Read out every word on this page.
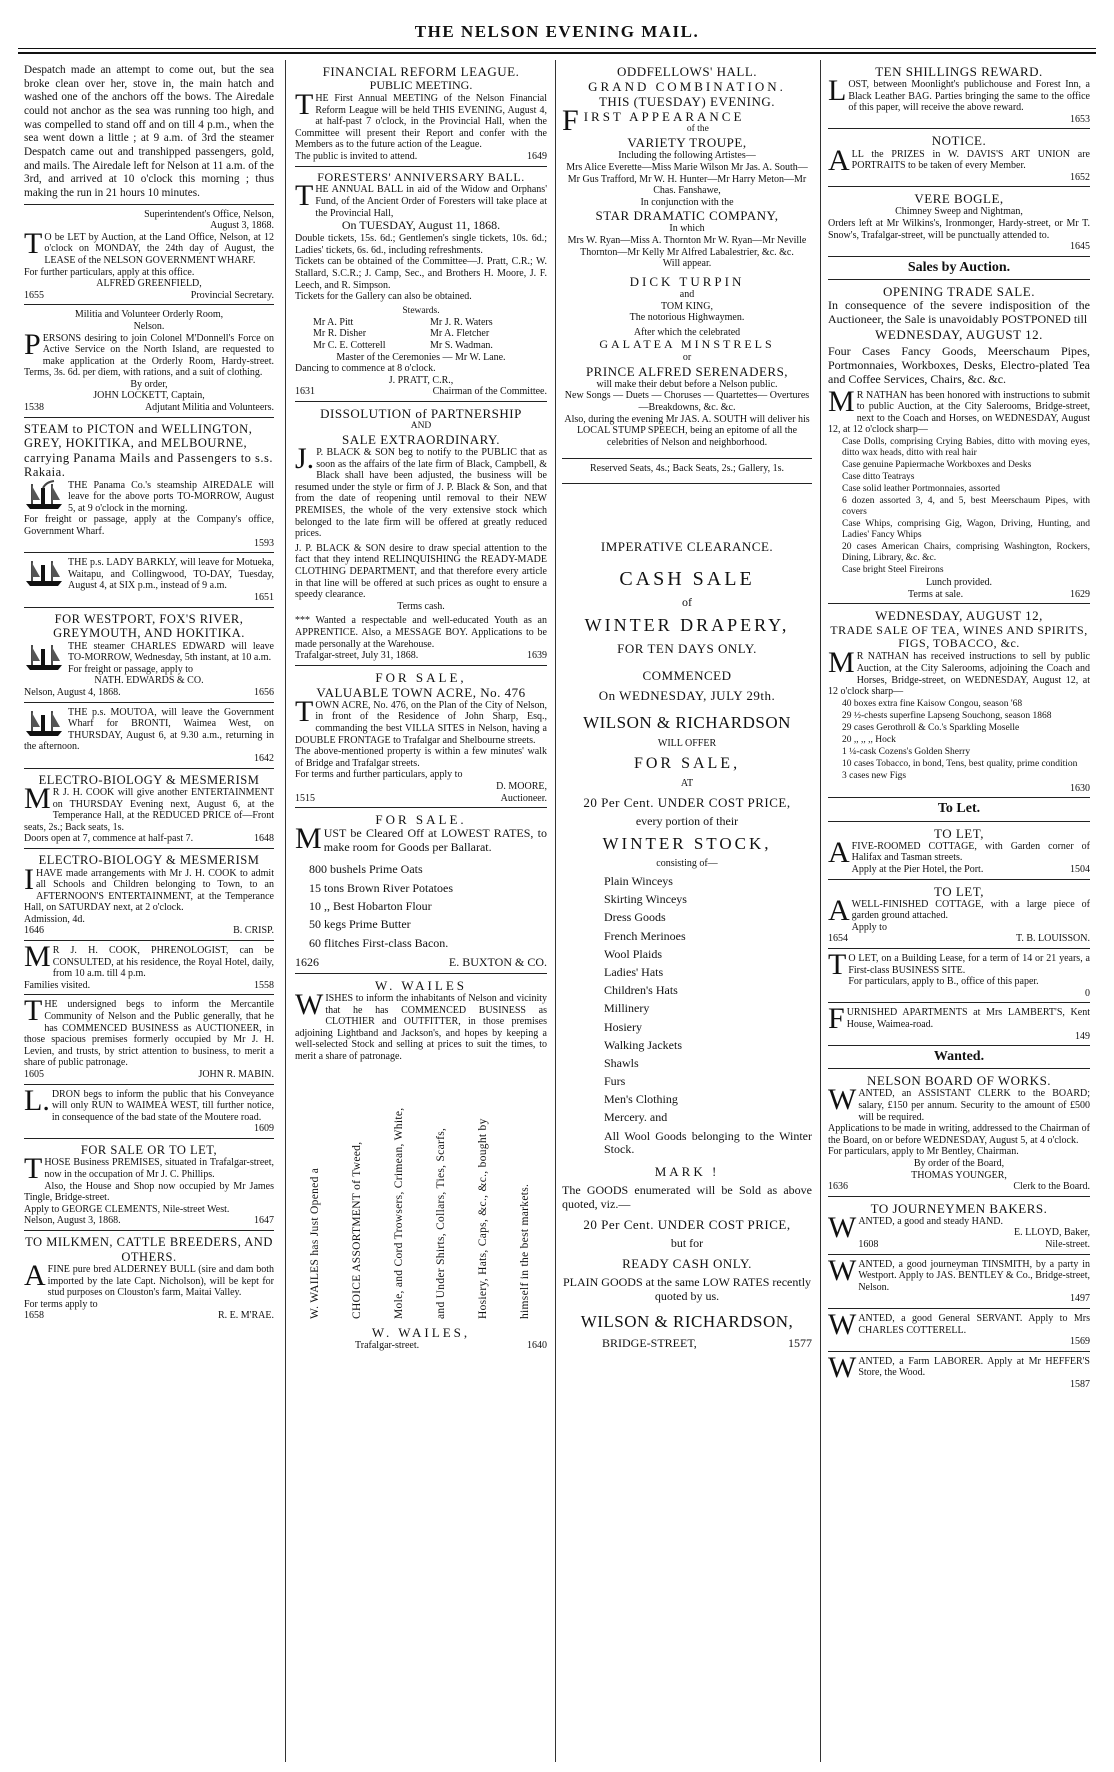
THE NELSON EVENING MAIL.
Despatch made an attempt to come out, but the sea broke clean over her, stove in, the main hatch and washed one of the anchors off the bows. The Airedale could not anchor as the sea was running too high, and was compelled to stand off and on till 4 p.m., when the sea went down a little ; at 9 a.m. of 3rd the steamer Despatch came out and transhipped passengers, gold, and mails. The Airedale left for Nelson at 11 a.m. of the 3rd, and arrived at 10 o'clock this morning ; thus making the run in 21 hours 10 minutes.
Superintendent's Office, Nelson,
August 3, 1868.
TO be LET by Auction, at the Land Office, Nelson, at 12 o'clock on MONDAY, the 24th day of August, the LEASE of the NELSON GOVERNMENT WHARF.
For further particulars, apply at this office.
ALFRED GREENFIELD,
1655	Provincial Secretary.
Militia and Volunteer Orderly Room,
Nelson.
PERSONS desiring to join Colonel M'Donnell's Force on Active Service on the North Island, are requested to make application at the Orderly Room, Hardy-street. Terms, 3s. 6d. per diem, with rations, and a suit of clothing.
By order,
JOHN LOCKETT, Captain,
1538	Adjutant Militia and Volunteers.
STEAM to PICTON and WELLINGTON, GREY, HOKITIKA, and MELBOURNE, carrying Panama Mails and Passengers to s.s. Rakaia.
THE Panama Co.'s steamship AIREDALE will leave for the above ports TO-MORROW, August 5, at 9 o'clock in the morning.
For freight or passage, apply at the Company's office, Government Wharf.
1593
THE p.s. LADY BARKLY, will leave for Motueka, Waitapu, and Collingwood, TO-DAY, Tuesday, August 4, at SIX p.m., instead of 9 a.m.
1651
FOR WESTPORT, FOX'S RIVER, GREYMOUTH, AND HOKITIKA.
THE steamer CHARLES EDWARD will leave TO-MORROW, Wednesday, 5th instant, at 10 a.m.
For freight or passage, apply to
NATH. EDWARDS & CO.
Nelson, August 4, 1868.	1656
THE p.s. MOUTOA, will leave the Government Wharf for BRONTI, Waimea West, on THURSDAY, August 6, at 9.30 a.m., returning in the afternoon.
1642
ELECTRO-BIOLOGY & MESMERISM
MR J. H. COOK will give another ENTERTAINMENT on THURSDAY Evening next, August 6, at the Temperance Hall, at the REDUCED PRICE of—Front seats, 2s.; Back seats, 1s.
Doors open at 7, commence at half-past 7.	1648
ELECTRO-BIOLOGY & MESMERISM
IHAVE made arrangements with Mr J. H. COOK to admit all Schools and Children belonging to Town, to an AFTERNOON'S ENTERTAINMENT, at the Temperance Hall, on SATURDAY next, at 2 o'clock.
Admission, 4d.
1646	B. CRISP.
MR J. H. COOK, PHRENOLOGIST, can be CONSULTED, at his residence, the Royal Hotel, daily, from 10 a.m. till 4 p.m.
Families visited.	1558
THE undersigned begs to inform the Mercantile Community of Nelson and the Public generally, that he has COMMENCED BUSINESS as AUCTIONEER, in those spacious premises formerly occupied by Mr J. H. Levien, and trusts, by strict attention to business, to merit a share of public patronage.
1605	JOHN R. MABIN.
L.DRON begs to inform the public that his Conveyance will only RUN to WAIMEA WEST, till further notice, in consequence of the bad state of the Moutere road.
1609
FOR SALE OR TO LET,
THOSE Business PREMISES, situated in Trafalgar-street, now in the occupation of Mr J. C. Phillips.
Also, the House and Shop now occupied by Mr James Tingle, Bridge-street.
Apply to GEORGE CLEMENTS, Nile-street West.
Nelson, August 3, 1868.	1647
TO MILKMEN, CATTLE BREEDERS, AND OTHERS.
AFINE pure bred ALDERNEY BULL (sire and dam both imported by the late Capt. Nicholson), will be kept for stud purposes on Clouston's farm, Maitai Valley.
For terms apply to
1658	R. E. M'RAE.
FINANCIAL REFORM LEAGUE.
PUBLIC MEETING.
THE First Annual MEETING of the Nelson Financial Reform League will be held THIS EVENING, August 4, at half-past 7 o'clock, in the Provincial Hall, when the Committee will present their Report and confer with the Members as to the future action of the League.
The public is invited to attend.	1649
FORESTERS' ANNIVERSARY BALL.
THE ANNUAL BALL in aid of the Widow and Orphans' Fund, of the Ancient Order of Foresters will take place at the Provincial Hall,
On TUESDAY, August 11, 1868.
Double tickets, 15s. 6d.; Gentlemen's single tickets, 10s. 6d.; Ladies' tickets, 6s. 6d., including refreshments.
Tickets can be obtained of the Committee—J. Pratt, C.R.; W. Stallard, S.C.R.; J. Camp, Sec., and Brothers H. Moore, J. F. Leech, and R. Simpson.
Tickets for the Gallery can also be obtained.
Stewards.
Mr A. Pitt	Mr J. R. Waters
Mr R. Disher	Mr A. Fletcher
Mr C. E. Cotterell	Mr S. Wadman.
Master of the Ceremonies — Mr W. Lane.
Dancing to commence at 8 o'clock.
J. PRATT, C.R.,
1631	Chairman of the Committee.
DISSOLUTION of PARTNERSHIP
AND
SALE EXTRAORDINARY.
J.P. BLACK & SON beg to notify to the PUBLIC that as soon as the affairs of the late firm of Black, Campbell, & Black shall have been adjusted, the business will be resumed under the style or firm of J. P. Black & Son, and that from the date of reopening until removal to their NEW PREMISES, the whole of the very extensive stock which belonged to the late firm will be offered at greatly reduced prices.
J. P. BLACK & SON desire to draw special attention to the fact that they intend RELINQUISHING the READY-MADE CLOTHING DEPARTMENT, and that therefore every article in that line will be offered at such prices as ought to ensure a speedy clearance.
Terms cash.
*** Wanted a respectable and well-educated Youth as an APPRENTICE. Also, a MESSAGE BOY. Applications to be made personally at the Warehouse.
Trafalgar-street, July 31, 1868.	1639
FOR SALE,
VALUABLE TOWN ACRE, No. 476
TOWN ACRE, No. 476, on the Plan of the City of Nelson, in front of the Residence of John Sharp, Esq., commanding the best VILLA SITES in Nelson, having a DOUBLE FRONTAGE to Trafalgar and Shelbourne streets.
The above-mentioned property is within a few minutes' walk of Bridge and Trafalgar streets.
For terms and further particulars, apply to
D. MOORE,
1515	Auctioneer.
FOR SALE.
MUST be Cleared Off at LOWEST RATES, to make room for Goods per Ballarat.
800 bushels Prime Oats
15 tons Brown River Potatoes
10 ,, Best Hobarton Flour
50 kegs Prime Butter
60 flitches First-class Bacon.
1626	E. BUXTON & CO.
W. WAILES
WISHES to inform the inhabitants of Nelson and vicinity that he has COMMENCED BUSINESS as CLOTHIER and OUTFITTER, in those premises adjoining Lightband and Jackson's, and hopes by keeping a well-selected Stock and selling at prices to suit the times, to merit a share of patronage.
W. WAILES has Just Opened a	CHOICE ASSORTMENT of Tweed,	Mole, and Cord Trowsers, Crimean, White,	and Under Shirts, Collars, Ties, Scarfs,	Hosiery, Hats, Caps, &c., &c., bought by	himself in the best markets.
W. WAILES,
Trafalgar-street.	1640
ODDFELLOWS' HALL.
GRAND COMBINATION.
THIS (TUESDAY) EVENING.
FIRST APPEARANCE
of the
VARIETY TROUPE,
Including the following Artistes—
Mrs Alice Everette—Miss Marie Wilson Mr Jas. A. South—Mr Gus Trafford, Mr W. H. Hunter—Mr Harry Meton—Mr Chas. Fanshawe,
In conjunction with the
STAR DRAMATIC COMPANY,
In which
Mrs W. Ryan—Miss A. Thornton Mr W. Ryan—Mr Neville Thornton—Mr Kelly Mr Alfred Labalestrier, &c. &c.
Will appear.
DICK TURPIN
and
TOM KING,
The notorious Highwaymen.
After which the celebrated
GALATEA MINSTRELS
or
PRINCE ALFRED SERENADERS,
will make their debut before a Nelson public.
New Songs — Duets — Choruses — Quartettes— Overtures—Breakdowns, &c. &c.
Also, during the evening Mr JAS. A. SOUTH will deliver his LOCAL STUMP SPEECH, being an epitome of all the celebrities of Nelson and neighborhood.
Reserved Seats, 4s.; Back Seats, 2s.; Gallery, 1s.
IMPERATIVE CLEARANCE.
CASH SALE
of
WINTER DRAPERY,
FOR TEN DAYS ONLY.
COMMENCED
On WEDNESDAY, JULY 29th.
WILSON & RICHARDSON
WILL OFFER
FOR SALE,
AT
20 Per Cent. UNDER COST PRICE,
every portion of their
WINTER STOCK,
consisting of—
Plain Winceys
Skirting Winceys
Dress Goods
French Merinoes
Wool Plaids
Ladies' Hats
Children's Hats
Millinery
Hosiery
Walking Jackets
Shawls
Furs
Men's Clothing
Mercery. and
All Wool Goods belonging to the Winter Stock.
MARK !
The GOODS enumerated will be Sold as above quoted, viz.—
20 Per Cent. UNDER COST PRICE,
but for
READY CASH ONLY.
PLAIN GOODS at the same LOW RATES recently quoted by us.
WILSON & RICHARDSON,
BRIDGE-STREET,	1577
TEN SHILLINGS REWARD.
LOST, between Moonlight's publichouse and Forest Inn, a Black Leather BAG. Parties bringing the same to the office of this paper, will receive the above reward.
1653
NOTICE.
ALL the PRIZES in W. DAVIS'S ART UNION are PORTRAITS to be taken of every Member.
1652
VERE BOGLE,
Chimney Sweep and Nightman,
Orders left at Mr Wilkins's, Ironmonger, Hardy-street, or Mr T. Snow's, Trafalgar-street, will be punctually attended to.
1645
Sales by Auction.
OPENING TRADE SALE.
In consequence of the severe indisposition of the Auctioneer, the Sale is unavoidably POSTPONED till
WEDNESDAY, AUGUST 12.
Four Cases Fancy Goods, Meerschaum Pipes, Portmonnaies, Workboxes, Desks, Electro-plated Tea and Coffee Services, Chairs, &c. &c.
MR NATHAN has been honored with instructions to submit to public Auction, at the City Salerooms, Bridge-street, next to the Coach and Horses, on WEDNESDAY, August 12, at 12 o'clock sharp—
Case Dolls, comprising Crying Babies, ditto with moving eyes, ditto wax heads, ditto with real hair
Case genuine Papiermache Workboxes and Desks
Case ditto Teatrays
Case solid leather Portmonnaies, assorted
6 dozen assorted 3, 4, and 5, best Meerschaum Pipes, with covers
Case Whips, comprising Gig, Wagon, Driving, Hunting, and Ladies' Fancy Whips
20 cases American Chairs, comprising Washington, Rockers, Dining, Library, &c. &c.
Case bright Steel Fireirons
Lunch provided.
Terms at sale.	1629
WEDNESDAY, AUGUST 12,
TRADE SALE OF TEA, WINES AND SPIRITS, FIGS, TOBACCO, &c.
MR NATHAN has received instructions to sell by public Auction, at the City Salerooms, adjoining the Coach and Horses, Bridge-street, on WEDNESDAY, August 12, at 12 o'clock sharp—
40 boxes extra fine Kaisow Congou, season '68
29 ½-chests superfine Lapseng Souchong, season 1868
29 cases Gerothroll & Co.'s Sparkling Moselle
20 ,, ,, ,, Hock
1 ¼-cask Cozens's Golden Sherry
10 cases Tobacco, in bond, Tens, best quality, prime condition
3 cases new Figs
1630
To Let.
TO LET,
AFIVE-ROOMED COTTAGE, with Garden corner of Halifax and Tasman streets.
Apply at the Pier Hotel, the Port.	1504
TO LET,
AWELL-FINISHED COTTAGE, with a large piece of garden ground attached.
Apply to
1654	T. B. LOUISSON.
TO LET, on a Building Lease, for a term of 14 or 21 years, a First-class BUSINESS SITE.
For particulars, apply to B., office of this paper.
0
FURNISHED APARTMENTS at Mrs LAMBERT'S, Kent House, Waimea-road.
149
Wanted.
NELSON BOARD OF WORKS.
WANTED, an ASSISTANT CLERK to the BOARD; salary, £150 per annum. Security to the amount of £500 will be required.
Applications to be made in writing, addressed to the Chairman of the Board, on or before WEDNESDAY, August 5, at 4 o'clock.
For particulars, apply to Mr Bentley, Chairman.
By order of the Board,
THOMAS YOUNGER,
1636	Clerk to the Board.
TO JOURNEYMEN BAKERS.
WANTED, a good and steady HAND.
E. LLOYD, Baker,
1608	Nile-street.
WANTED, a good journeyman TINSMITH, by a party in Westport. Apply to JAS. BENTLEY & Co., Bridge-street, Nelson.
1497
WANTED, a good General SERVANT. Apply to Mrs CHARLES COTTERELL.
1569
WANTED, a Farm LABORER. Apply at Mr HEFFER'S Store, the Wood.
1587
